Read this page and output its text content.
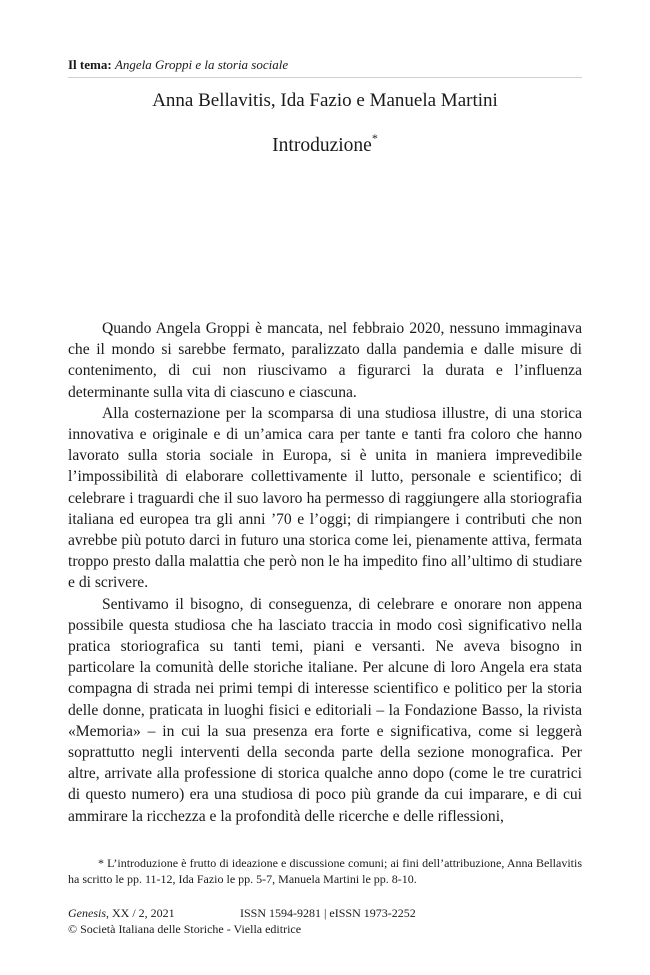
Il tema: Angela Groppi e la storia sociale
Anna Bellavitis, Ida Fazio e Manuela Martini
Introduzione*

Quando Angela Groppi è mancata, nel febbraio 2020, nessuno immaginava che il mondo si sarebbe fermato, paralizzato dalla pandemia e dalle misure di contenimento, di cui non riuscivamo a figurarci la durata e l’influenza determinante sulla vita di ciascuno e ciascuna.

Alla costernazione per la scomparsa di una studiosa illustre, di una storica innovativa e originale e di un’amica cara per tante e tanti fra coloro che hanno lavorato sulla storia sociale in Europa, si è unita in maniera imprevedibile l’impossibilità di elaborare collettivamente il lutto, personale e scientifico; di celebrare i traguardi che il suo lavoro ha permesso di raggiungere alla storiografia italiana ed europea tra gli anni ’70 e l’oggi; di rimpiangere i contributi che non avrebbe più potuto darci in futuro una storica come lei, pienamente attiva, fermata troppo presto dalla malattia che però non le ha impedito fino all’ultimo di studiare e di scrivere.

Sentivamo il bisogno, di conseguenza, di celebrare e onorare non appena possibile questa studiosa che ha lasciato traccia in modo così significativo nella pratica storiografica su tanti temi, piani e versanti. Ne aveva bisogno in particolare la comunità delle storiche italiane. Per alcune di loro Angela era stata compagna di strada nei primi tempi di interesse scientifico e politico per la storia delle donne, praticata in luoghi fisici e editoriali – la Fondazione Basso, la rivista «Memoria» – in cui la sua presenza era forte e significativa, come si leggerà soprattutto negli interventi della seconda parte della sezione monografica. Per altre, arrivate alla professione di storica qualche anno dopo (come le tre curatrici di questo numero) era una studiosa di poco più grande da cui imparare, e di cui ammirare la ricchezza e la profondità delle ricerche e delle riflessioni,

* L’introduzione è frutto di ideazione e discussione comuni; ai fini dell’attribuzione, Anna Bellavitis ha scritto le pp. 11-12, Ida Fazio le pp. 5-7, Manuela Martini le pp. 8-10.

Genesis, XX / 2, 2021	ISSN 1594-9281 | eISSN 1973-2252
© Società Italiana delle Storiche - Viella editrice
